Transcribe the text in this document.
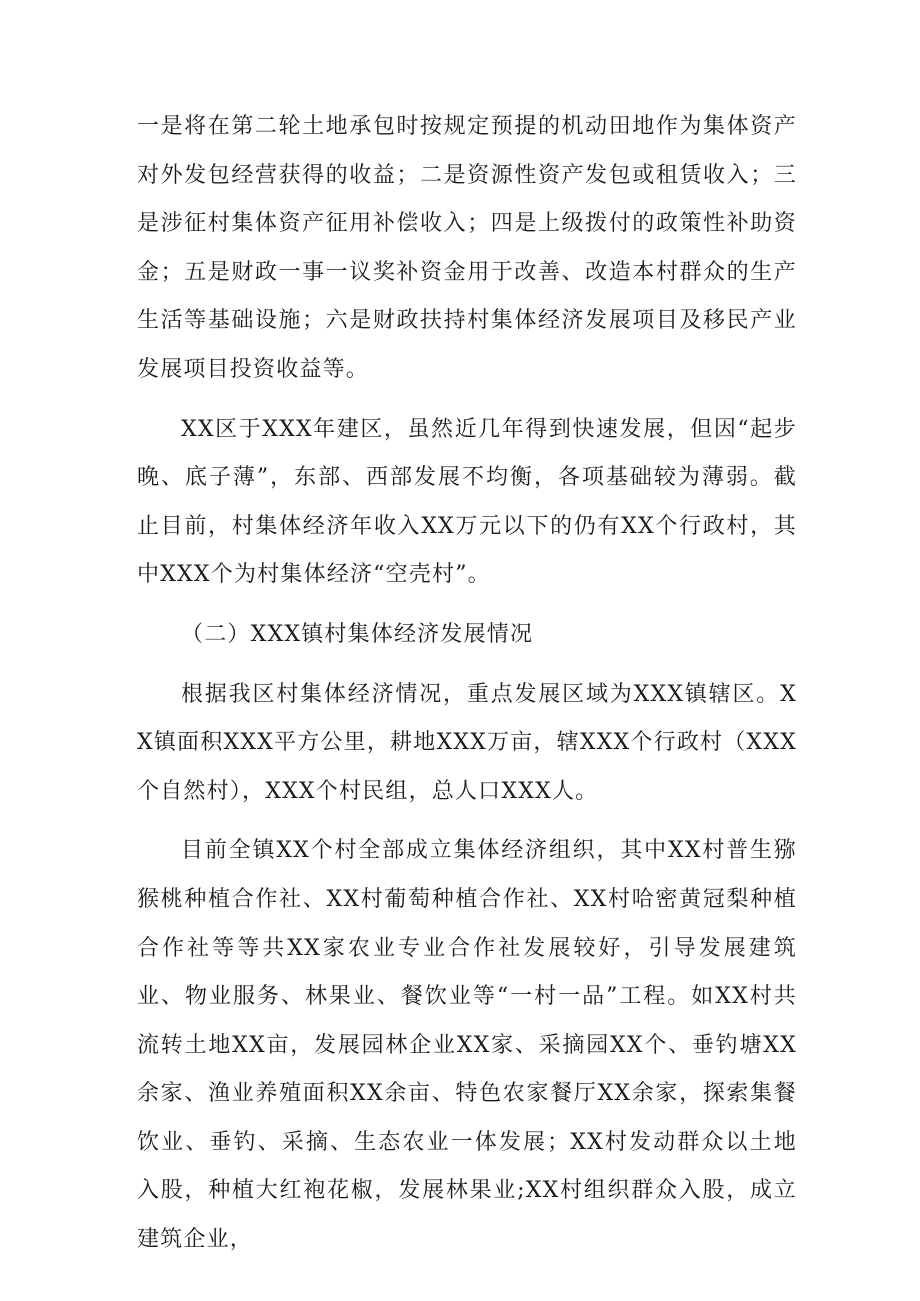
一是将在第二轮土地承包时按规定预提的机动田地作为集体资产对外发包经营获得的收益；二是资源性资产发包或租赁收入；三是涉征村集体资产征用补偿收入；四是上级拨付的政策性补助资金；五是财政一事一议奖补资金用于改善、改造本村群众的生产生活等基础设施；六是财政扶持村集体经济发展项目及移民产业发展项目投资收益等。

XX区于XXX年建区，虽然近几年得到快速发展，但因“起步晚、底子薄”，东部、西部发展不均衡，各项基础较为薄弱。截止目前，村集体经济年收入XX万元以下的仍有XX个行政村，其中XXX个为村集体经济“空壳村”。

（二）XXX镇村集体经济发展情况

根据我区村集体经济情况，重点发展区域为XXX镇辖区。XX镇面积XXX平方公里，耕地XXX万亩，辖XXX个行政村（XXX个自然村），XXX个村民组，总人口XXX人。

目前全镇XX个村全部成立集体经济组织，其中XX村普生猕猴桃种植合作社、XX村葡萄种植合作社、XX村哈密黄冠梨种植合作社等等共XX家农业专业合作社发展较好，引导发展建筑业、物业服务、林果业、餐饮业等“一村一品”工程。如XX村共流转土地XX亩，发展园林企业XX家、采摘园XX个、垂钓塘XX余家、渔业养殖面积XX余亩、特色农家餐厅XX余家，探索集餐饮业、垂钓、采摘、生态农业一体发展；XX村发动群众以土地入股，种植大红袍花椒，发展林果业;XX村组织群众入股，成立建筑企业，
